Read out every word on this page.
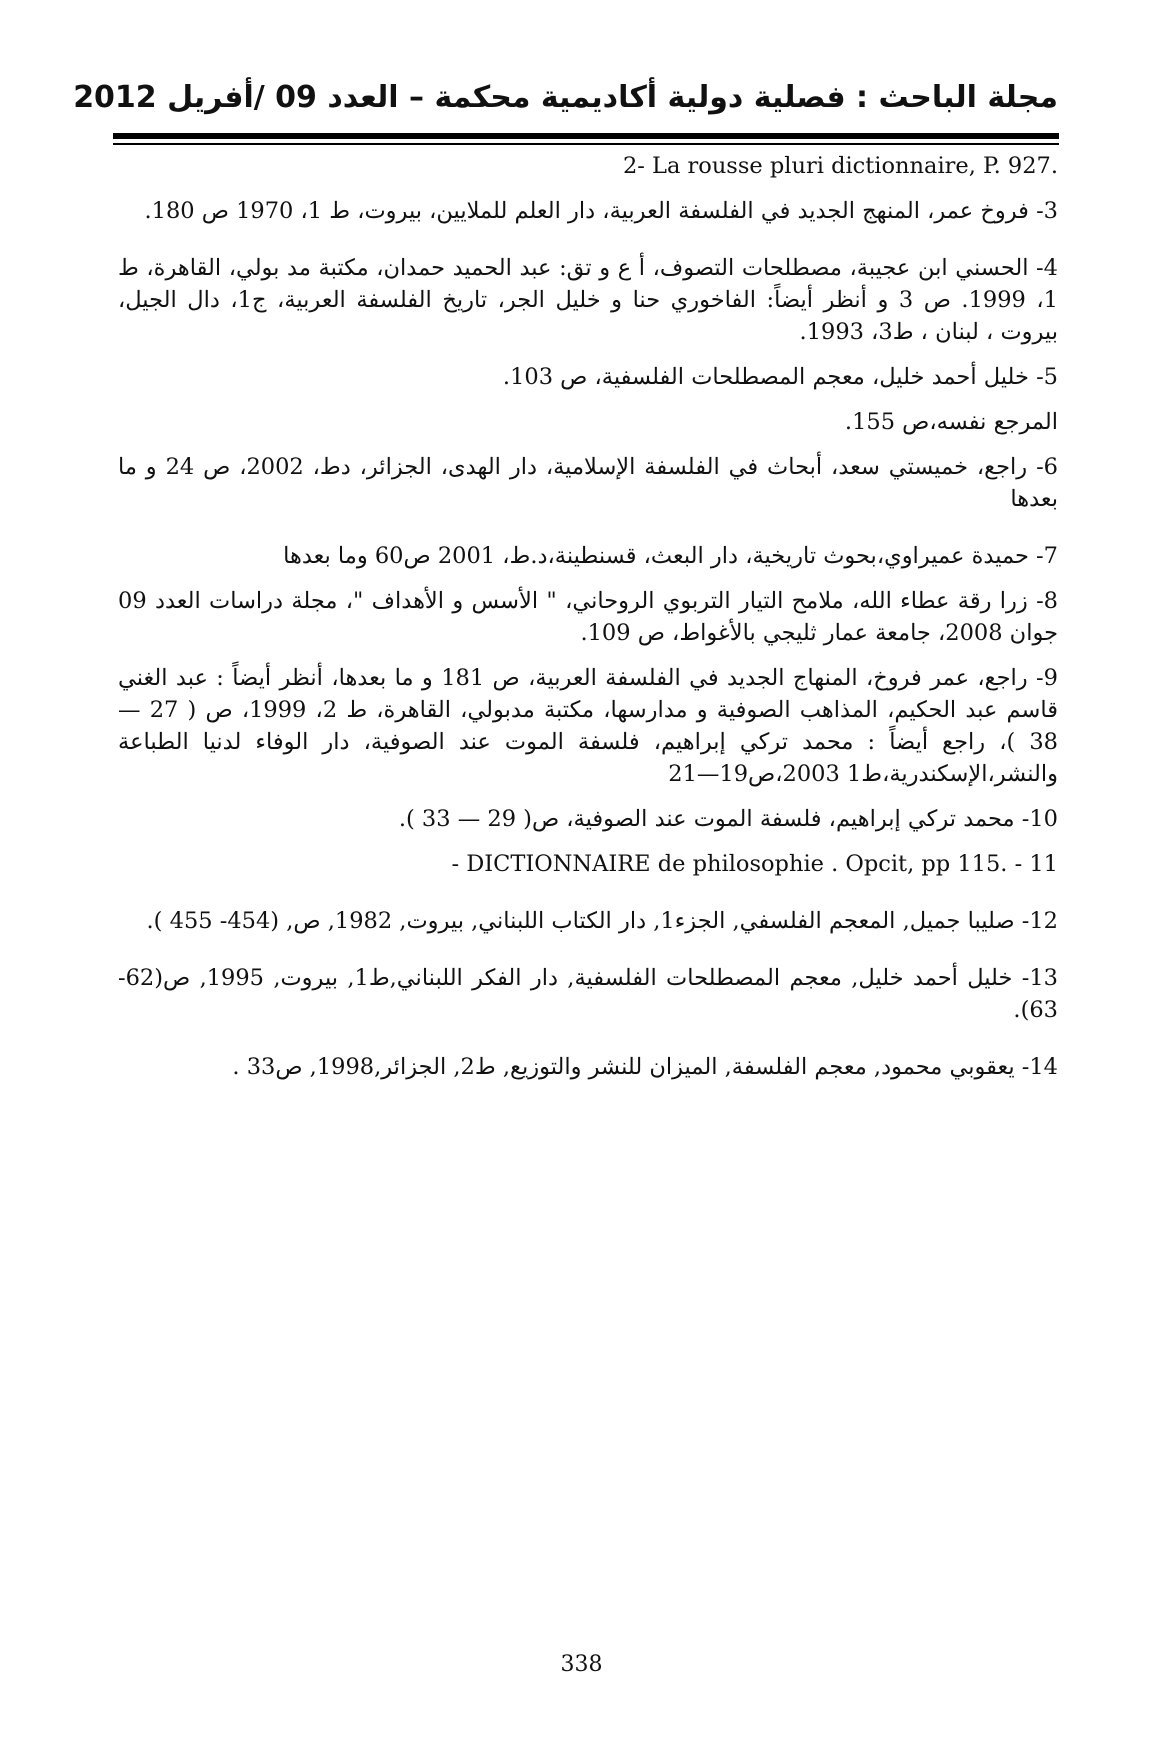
مجلة الباحث : فصلية دولية أكاديمية محكمة – العدد 09 /أفريل 2012
2- La rousse pluri dictionnaire, P. 927.
3- فروخ عمر، المنهج الجديد في الفلسفة العربية، دار العلم للملايين، بيروت، ط 1، 1970 ص 180.
4- الحسني ابن عجيبة، مصطلحات التصوف، أ ع و تق: عبد الحميد حمدان، مكتبة مد بولي، القاهرة، ط 1، 1999. ص 3 و أنظر أيضاً: الفاخوري حنا و خليل الجر، تاريخ الفلسفة العربية، ج1، دال الجيل، بيروت ، لبنان ، ط3، 1993.
5- خليل أحمد خليل، معجم المصطلحات الفلسفية، ص 103.
المرجع نفسه،ص 155.
6- راجع، خميستي سعد، أبحاث في الفلسفة الإسلامية، دار الهدى، الجزائر، دط، 2002، ص 24 و ما بعدها
7- حميدة عميراوي،بحوث تاريخية، دار البعث، قسنطينة،د.ط، 2001 ص60 وما بعدها
8- زرا رقة عطاء الله، ملامح التيار التربوي الروحاني، " الأسس و الأهداف "، مجلة دراسات العدد 09 جوان 2008، جامعة عمار ثليجي بالأغواط، ص 109.
9- راجع، عمر فروخ، المنهاج الجديد في الفلسفة العربية، ص 181 و ما بعدها، أنظر أيضاً : عبد الغني قاسم عبد الحكيم، المذاهب الصوفية و مدارسها، مكتبة مدبولي، القاهرة، ط 2، 1999، ص ( 27 — 38 )، راجع أيضاً : محمد تركي إبراهيم، فلسفة الموت عند الصوفية، دار الوفاء لدنيا الطباعة والنشر،الإسكندرية،ط1 2003،ص19—21
10- محمد تركي إبراهيم، فلسفة الموت عند الصوفية، ص( 29 — 33 ).
- DICTIONNAIRE de philosophie . Opcit, pp 115. - 11
12- صليبا جميل, المعجم الفلسفي, الجزء1, دار الكتاب اللبناني, بيروت, 1982, ص, (454- 455 ).
13- خليل أحمد خليل, معجم المصطلحات الفلسفية, دار الفكر اللبناني,ط1, بيروت, 1995, ص(62-63).
14- يعقوبي محمود, معجم الفلسفة, الميزان للنشر والتوزيع, ط2, الجزائر,1998, ص33 .
338
